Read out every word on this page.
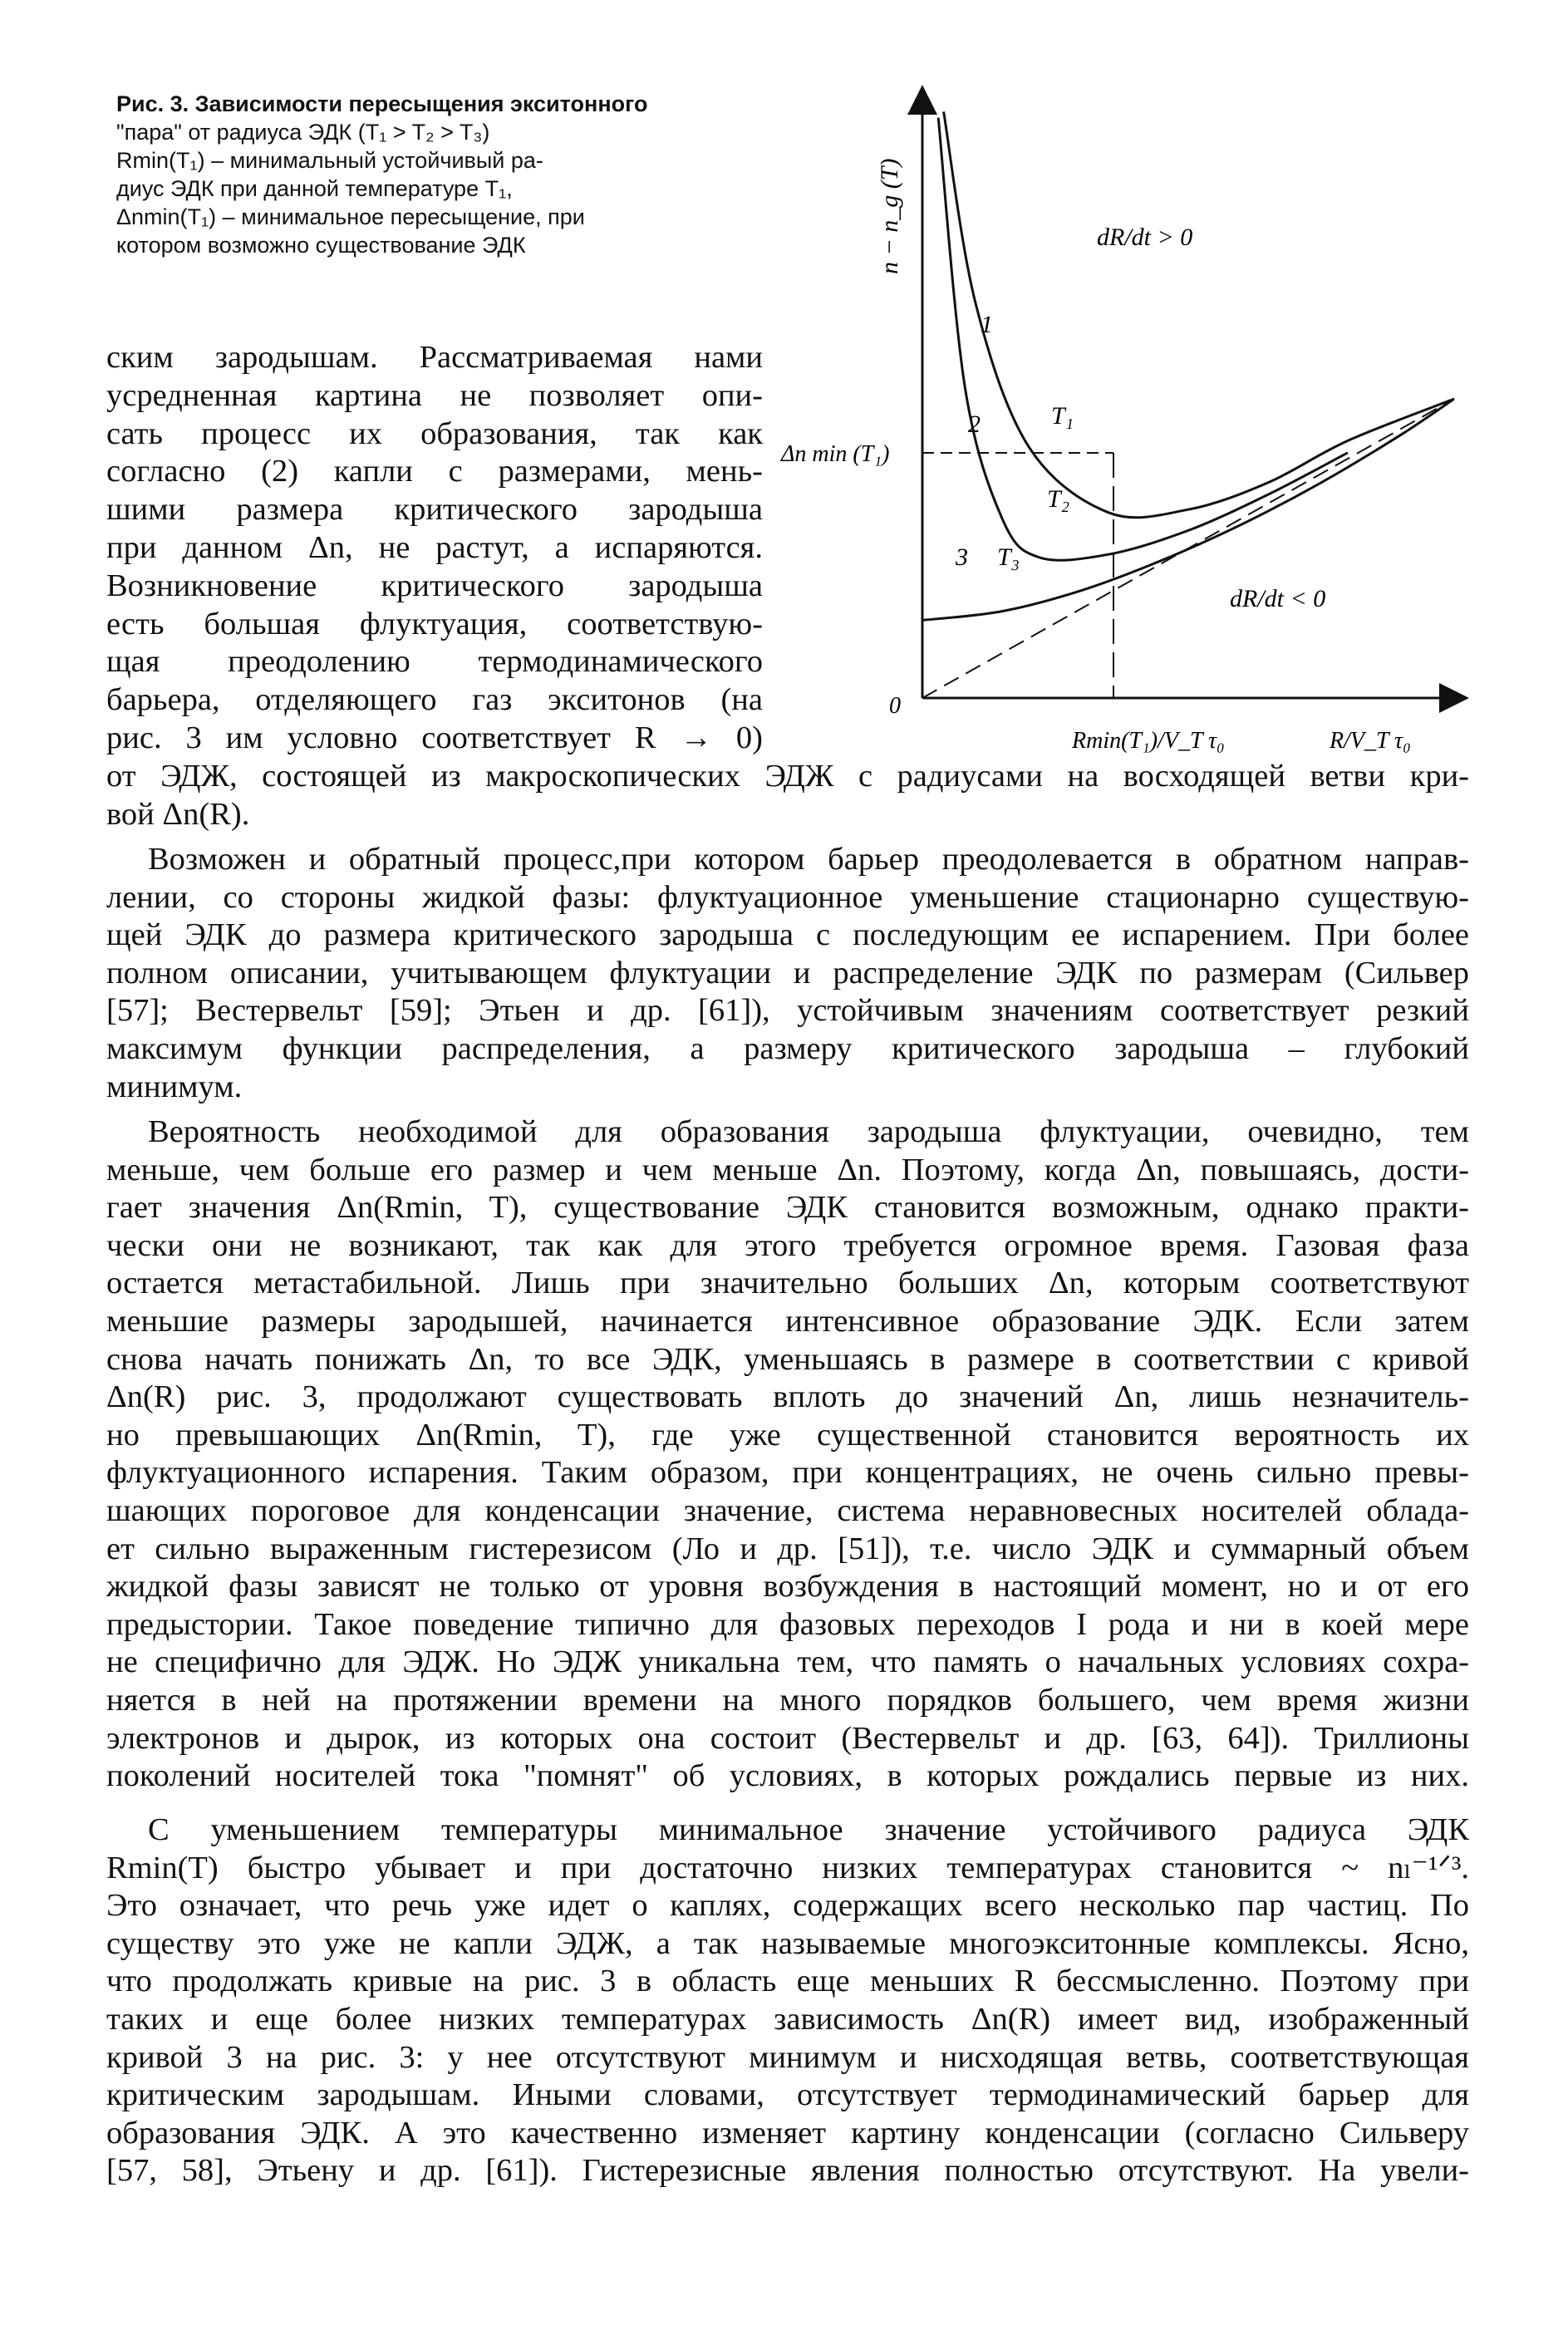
Рис. 3. Зависимости пересыщения экситонного
"пара" от радиуса ЭДК (T₁ > T₂ > T₃)
Rmin(T₁) – минимальный устойчивый ра-
диус ЭДК при данной температуре T₁,
Δnmin(T₁) – минимальное пересыщение, при
котором возможно существование ЭДК	n − n_g (T)
Δn min (T₁)
0
Rmin(T₁)/V_T τ₀	R/V_T τ₀
dR/dt > 0
dR/dt < 0
1
2
3
T₁
T₂
T₃
ским зародышам. Рассматриваемая нами
усредненная картина не позволяет опи-
сать процесс их образования, так как
согласно (2) капли с размерами, мень-
шими размера критического зародыша
при данном Δn, не растут, а испаряются.
Возникновение критического зародыша
есть большая флуктуация, соответствую-
щая преодолению термодинамического
барьера, отделяющего газ экситонов (на
рис. 3 им условно соответствует R → 0)
от ЭДЖ, состоящей из макроскопических ЭДЖ с радиусами на восходящей ветви кри-
вой Δn(R).
Возможен и обратный процесс,при котором барьер преодолевается в обратном направ-
лении, со стороны жидкой фазы: флуктуационное уменьшение стационарно существую-
щей ЭДК до размера критического зародыша с последующим ее испарением. При более
полном описании, учитывающем флуктуации и распределение ЭДК по размерам (Сильвер
[57]; Вестервельт [59]; Этьен и др. [61]), устойчивым значениям соответствует резкий
максимум функции распределения, а размеру критического зародыша – глубокий
минимум.
Вероятность необходимой для образования зародыша флуктуации, очевидно, тем
меньше, чем больше его размер и чем меньше Δn. Поэтому, когда Δn, повышаясь, дости-
гает значения Δn(Rmin, T), существование ЭДК становится возможным, однако практи-
чески они не возникают, так как для этого требуется огромное время. Газовая фаза
остается метастабильной. Лишь при значительно больших Δn, которым соответствуют
меньшие размеры зародышей, начинается интенсивное образование ЭДК. Если затем
снова начать понижать Δn, то все ЭДК, уменьшаясь в размере в соответствии с кривой
Δn(R) рис. 3, продолжают существовать вплоть до значений Δn, лишь незначитель-
но превышающих Δn(Rmin, T), где уже существенной становится вероятность их
флуктуационного испарения. Таким образом, при концентрациях, не очень сильно превы-
шающих пороговое для конденсации значение, система неравновесных носителей облада-
ет сильно выраженным гистерезисом (Ло и др. [51]), т.е. число ЭДК и суммарный объем
жидкой фазы зависят не только от уровня возбуждения в настоящий момент, но и от его
предыстории. Такое поведение типично для фазовых переходов I рода и ни в коей мере
не специфично для ЭДЖ. Но ЭДЖ уникальна тем, что память о начальных условиях сохра-
няется в ней на протяжении времени на много порядков большего, чем время жизни
электронов и дырок, из которых она состоит (Вестервельт и др. [63, 64]). Триллионы
поколений носителей тока "помнят" об условиях, в которых рождались первые из них.
С уменьшением температуры минимальное значение устойчивого радиуса ЭДК
Rmin(T) быстро убывает и при достаточно низких температурах становится ~ nₗ⁻¹ᐟ³.
Это означает, что речь уже идет о каплях, содержащих всего несколько пар частиц. По
существу это уже не капли ЭДЖ, а так называемые многоэкситонные комплексы. Ясно,
что продолжать кривые на рис. 3 в область еще меньших R бессмысленно. Поэтому при
таких и еще более низких температурах зависимость Δn(R) имеет вид, изображенный
кривой 3 на рис. 3: у нее отсутствуют минимум и нисходящая ветвь, соответствующая
критическим зародышам. Иными словами, отсутствует термодинамический барьер для
образования ЭДК. А это качественно изменяет картину конденсации (согласно Сильверу
[57, 58], Этьену и др. [61]). Гистерезисные явления полностью отсутствуют. На увели-
